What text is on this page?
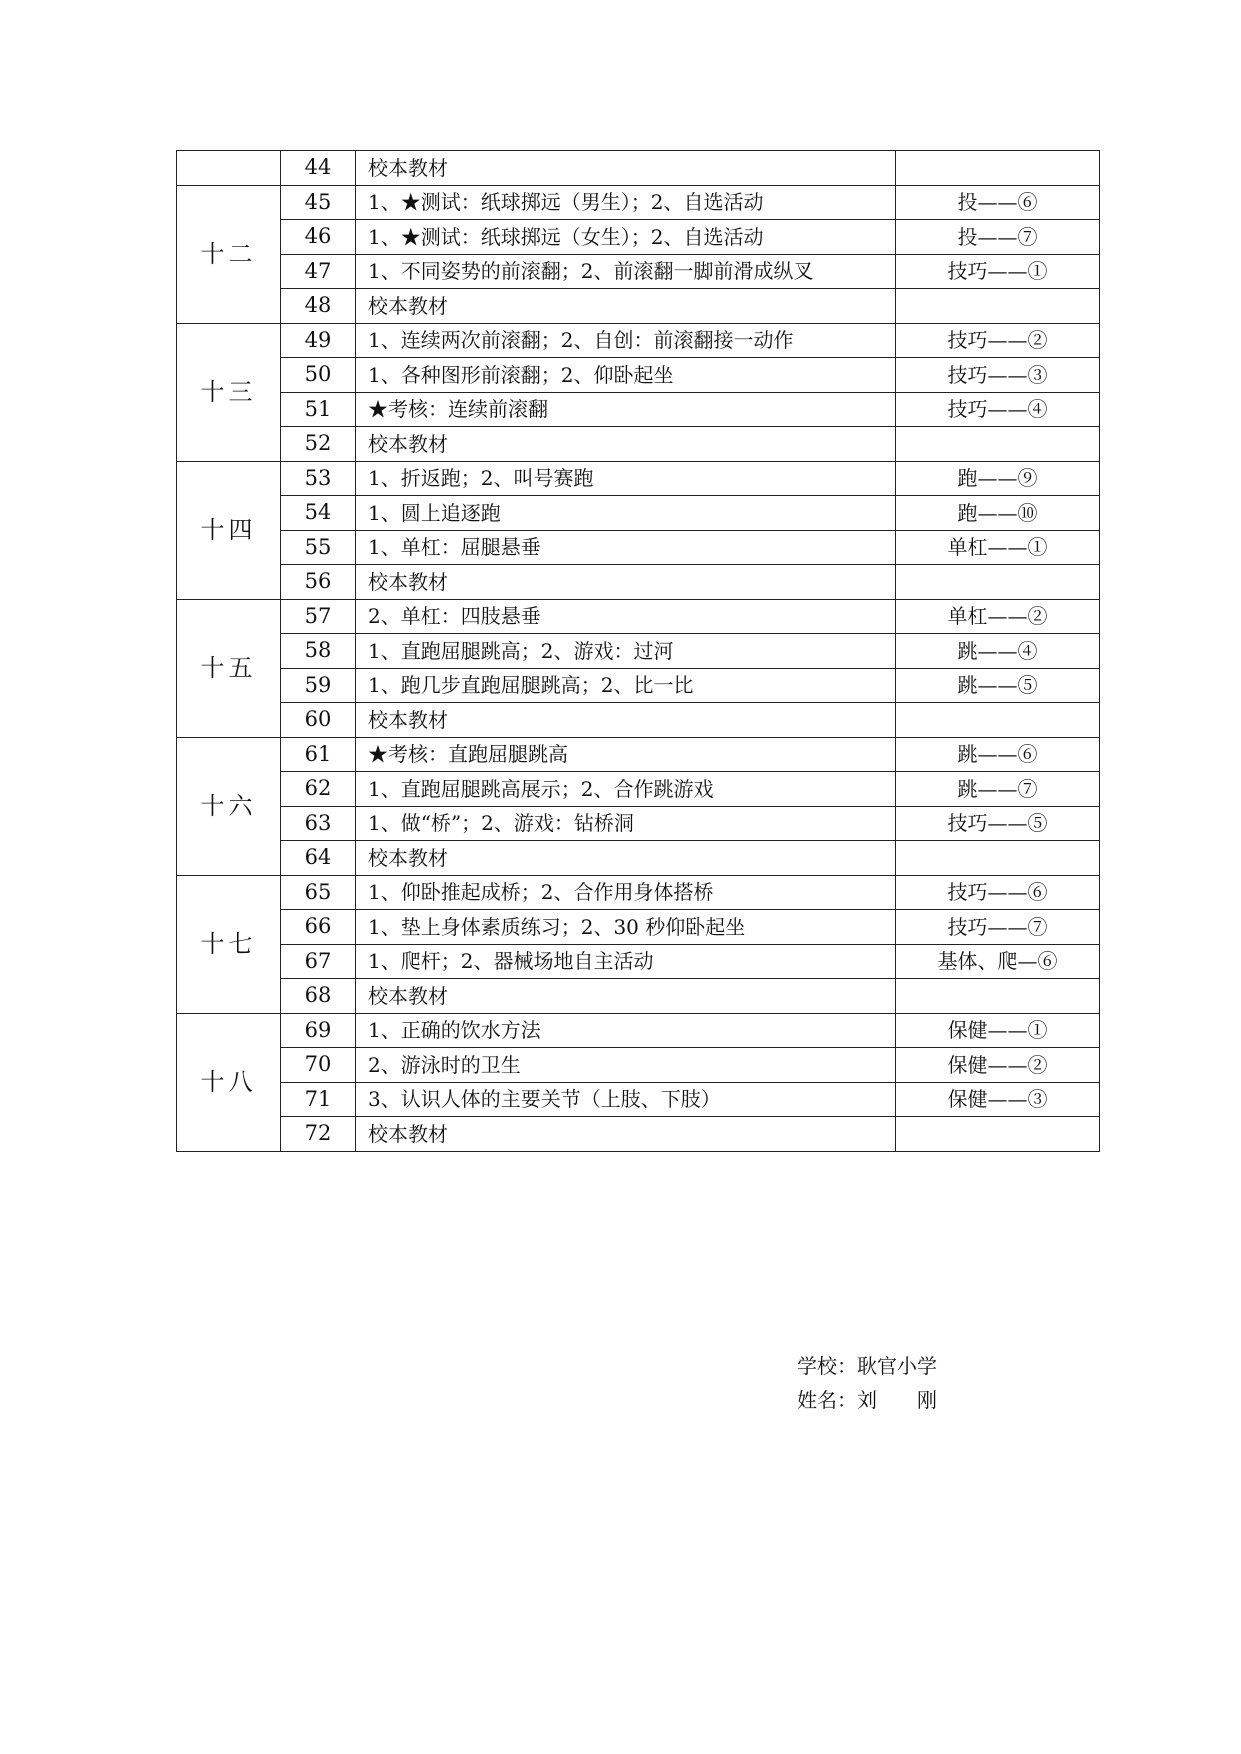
	44	校本教材	
十二	45	1、★测试：纸球掷远（男生）；2、自选活动	投——⑥
	46	1、★测试：纸球掷远（女生）；2、自选活动	投——⑦
	47	1、不同姿势的前滚翻；2、前滚翻一脚前滑成纵叉	技巧——①
	48	校本教材	
十三	49	1、连续两次前滚翻；2、自创：前滚翻接一动作	技巧——②
	50	1、各种图形前滚翻；2、仰卧起坐	技巧——③
	51	★考核：连续前滚翻	技巧——④
	52	校本教材	
十四	53	1、折返跑；2、叫号赛跑	跑——⑨
	54	1、圆上追逐跑	跑——⑩
	55	1、单杠：屈腿悬垂	单杠——①
	56	校本教材	
十五	57	2、单杠：四肢悬垂	单杠——②
	58	1、直跑屈腿跳高；2、游戏：过河	跳——④
	59	1、跑几步直跑屈腿跳高；2、比一比	跳——⑤
	60	校本教材	
十六	61	★考核：直跑屈腿跳高	跳——⑥
	62	1、直跑屈腿跳高展示；2、合作跳游戏	跳——⑦
	63	1、做“桥”；2、游戏：钻桥洞	技巧——⑤
	64	校本教材	
十七	65	1、仰卧推起成桥；2、合作用身体搭桥	技巧——⑥
	66	1、垫上身体素质练习；2、30 秒仰卧起坐	技巧——⑦
	67	1、爬杆；2、器械场地自主活动	基体、爬—⑥
	68	校本教材	
十八	69	1、正确的饮水方法	保健——①
	70	2、游泳时的卫生	保健——②
	71	3、认识人体的主要关节（上肢、下肢）	保健——③
	72	校本教材	
学校：耿官小学
姓名：刘　　刚
